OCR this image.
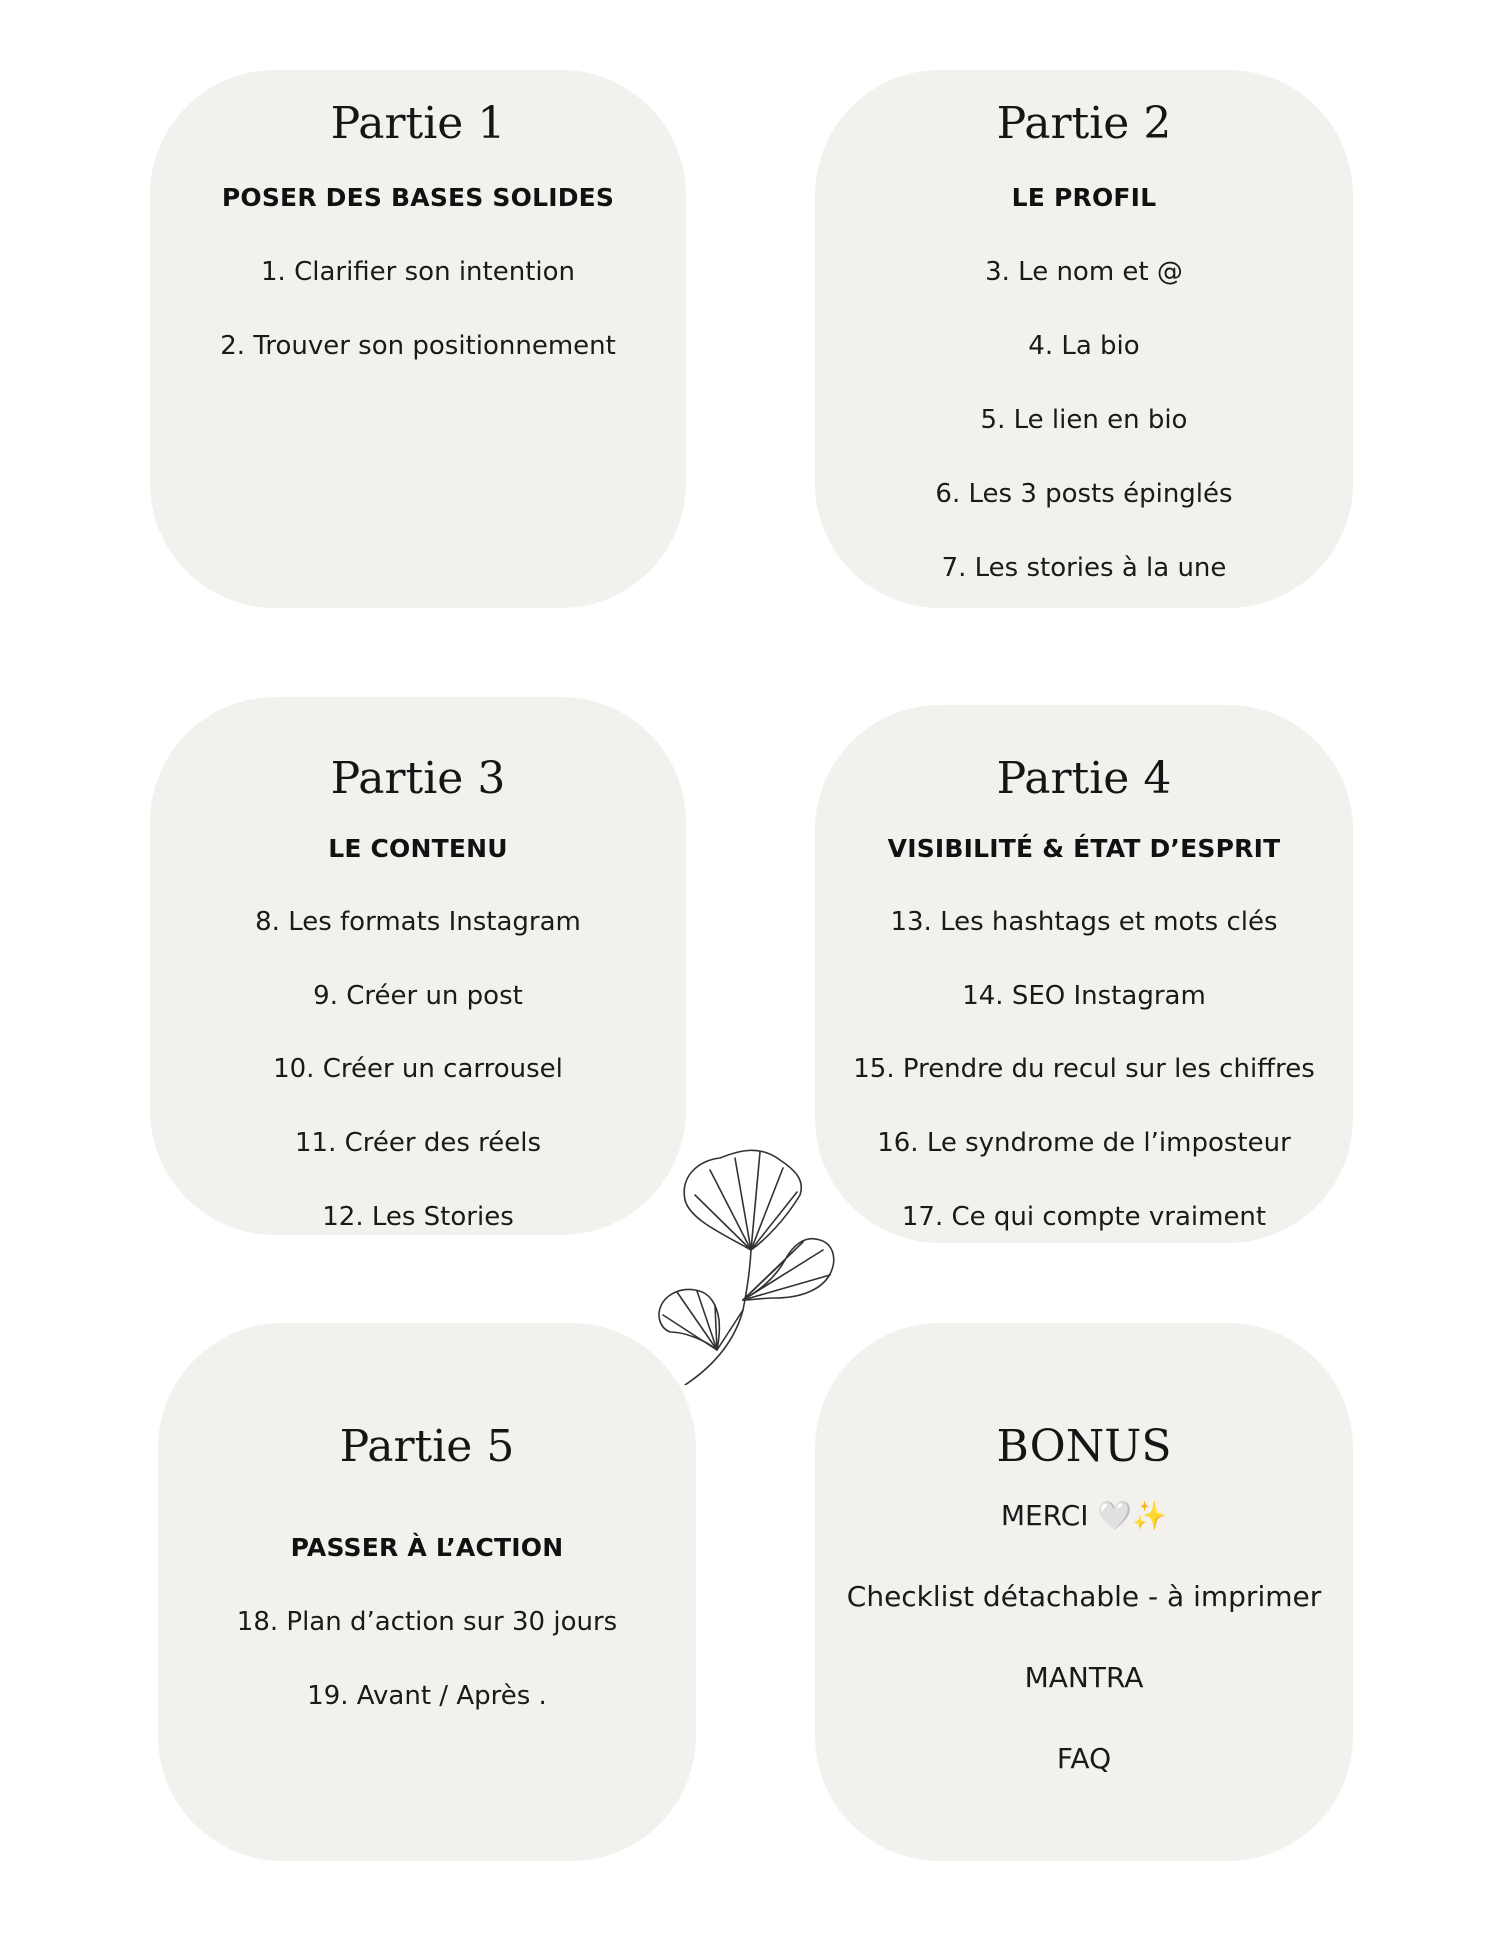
Partie 1

POSER DES BASES SOLIDES

1. Clarifier son intention

2. Trouver son positionnement

Partie 2

LE PROFIL

3. Le nom et @

4. La bio

5. Le lien en bio

6. Les 3 posts épinglés

7. Les stories à la une

Partie 3

LE CONTENU

8. Les formats Instagram

9. Créer un post

10. Créer un carrousel

11. Créer des réels

12. Les Stories

Partie 4

VISIBILITÉ & ÉTAT D’ESPRIT

13. Les hashtags et mots clés

14. SEO Instagram

15. Prendre du recul sur les chiffres

16. Le syndrome de l’imposteur

17. Ce qui compte vraiment

Partie 5

PASSER À L’ACTION

18. Plan d’action sur 30 jours

19. Avant / Après .

BONUS

MERCI 🤍✨

Checklist détachable - à imprimer

MANTRA

FAQ
